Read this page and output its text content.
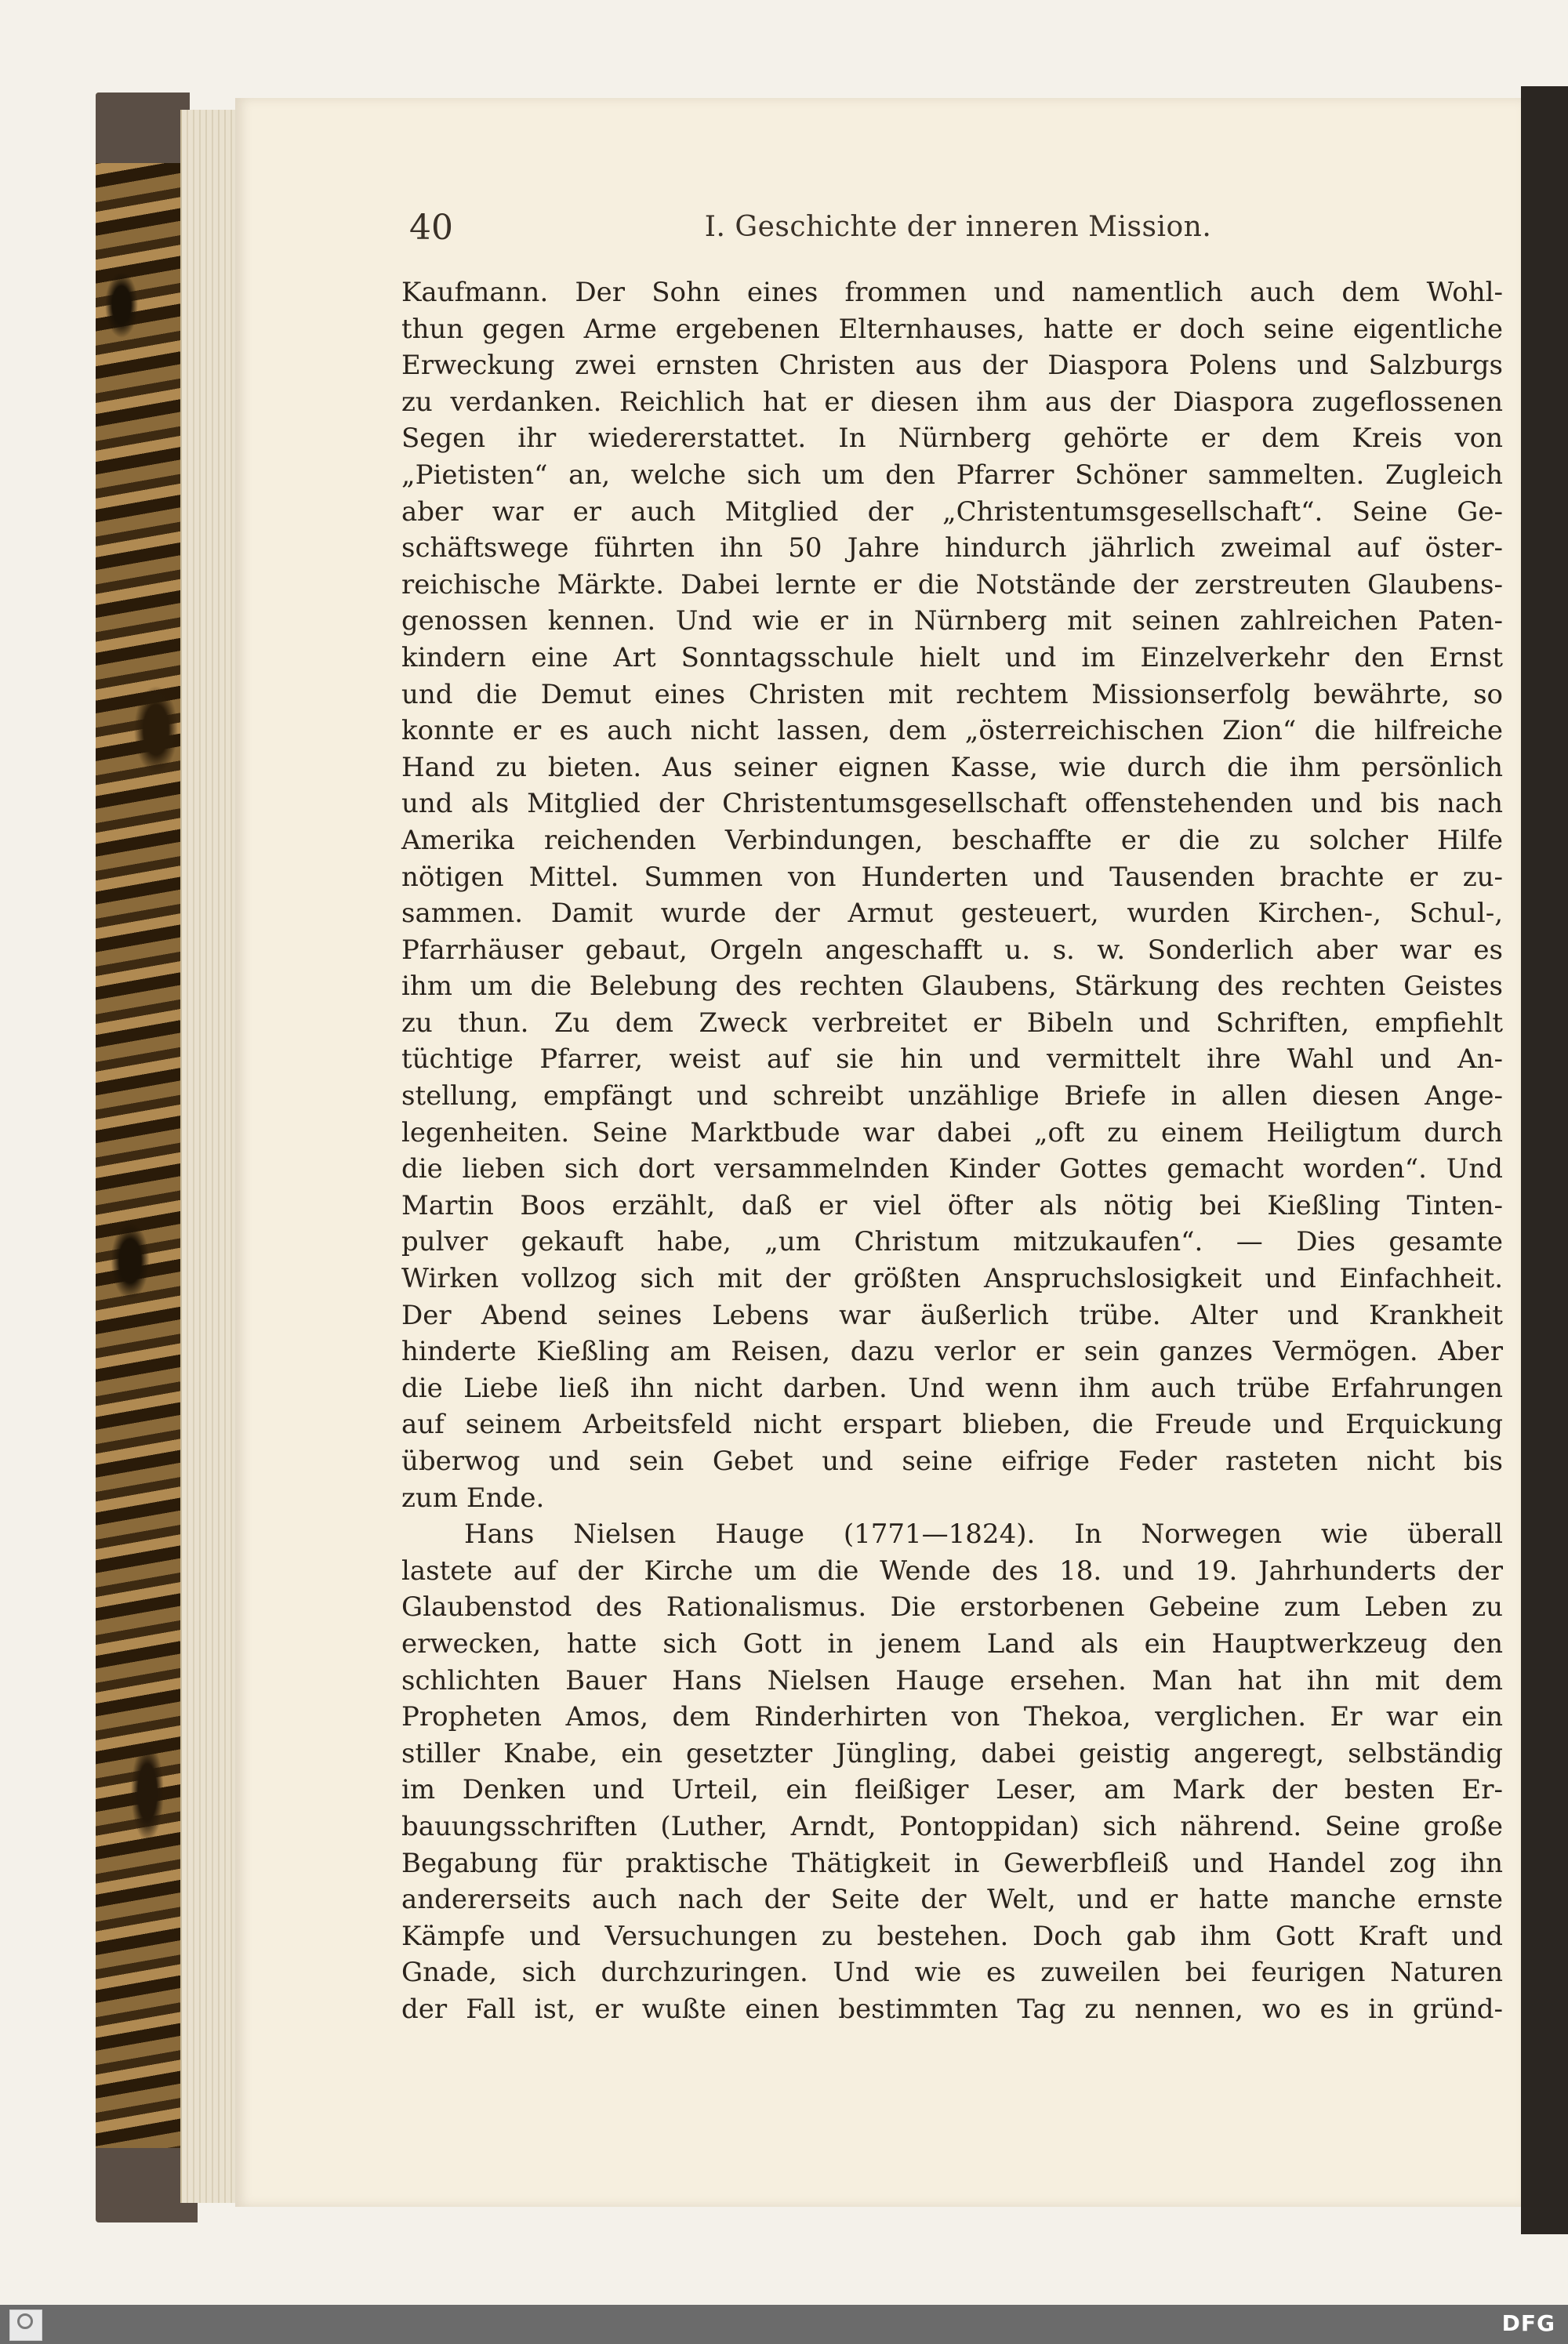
40	I. Geschichte der inneren Mission.
Kaufmann. Der Sohn eines frommen und namentlich auch dem Wohl-
thun gegen Arme ergebenen Elternhauses, hatte er doch seine eigentliche
Erweckung zwei ernsten Christen aus der Diaspora Polens und Salzburgs
zu verdanken. Reichlich hat er diesen ihm aus der Diaspora zugeflossenen
Segen ihr wiedererstattet. In Nürnberg gehörte er dem Kreis von
„Pietisten“ an, welche sich um den Pfarrer Schöner sammelten. Zugleich
aber war er auch Mitglied der „Christentumsgesellschaft“. Seine Ge-
schäftswege führten ihn 50 Jahre hindurch jährlich zweimal auf öster-
reichische Märkte. Dabei lernte er die Notstände der zerstreuten Glaubens-
genossen kennen. Und wie er in Nürnberg mit seinen zahlreichen Paten-
kindern eine Art Sonntagsschule hielt und im Einzelverkehr den Ernst
und die Demut eines Christen mit rechtem Missionserfolg bewährte, so
konnte er es auch nicht lassen, dem „österreichischen Zion“ die hilfreiche
Hand zu bieten. Aus seiner eignen Kasse, wie durch die ihm persönlich
und als Mitglied der Christentumsgesellschaft offenstehenden und bis nach
Amerika reichenden Verbindungen, beschaffte er die zu solcher Hilfe
nötigen Mittel. Summen von Hunderten und Tausenden brachte er zu-
sammen. Damit wurde der Armut gesteuert, wurden Kirchen-, Schul-,
Pfarrhäuser gebaut, Orgeln angeschafft u. s. w. Sonderlich aber war es
ihm um die Belebung des rechten Glaubens, Stärkung des rechten Geistes
zu thun. Zu dem Zweck verbreitet er Bibeln und Schriften, empfiehlt
tüchtige Pfarrer, weist auf sie hin und vermittelt ihre Wahl und An-
stellung, empfängt und schreibt unzählige Briefe in allen diesen Ange-
legenheiten. Seine Marktbude war dabei „oft zu einem Heiligtum durch
die lieben sich dort versammelnden Kinder Gottes gemacht worden“. Und
Martin Boos erzählt, daß er viel öfter als nötig bei Kießling Tinten-
pulver gekauft habe, „um Christum mitzukaufen“. — Dies gesamte
Wirken vollzog sich mit der größten Anspruchslosigkeit und Einfachheit.
Der Abend seines Lebens war äußerlich trübe. Alter und Krankheit
hinderte Kießling am Reisen, dazu verlor er sein ganzes Vermögen. Aber
die Liebe ließ ihn nicht darben. Und wenn ihm auch trübe Erfahrungen
auf seinem Arbeitsfeld nicht erspart blieben, die Freude und Erquickung
überwog und sein Gebet und seine eifrige Feder rasteten nicht bis
zum Ende.
Hans Nielsen Hauge (1771—1824). In Norwegen wie überall
lastete auf der Kirche um die Wende des 18. und 19. Jahrhunderts der
Glaubenstod des Rationalismus. Die erstorbenen Gebeine zum Leben zu
erwecken, hatte sich Gott in jenem Land als ein Hauptwerkzeug den
schlichten Bauer Hans Nielsen Hauge ersehen. Man hat ihn mit dem
Propheten Amos, dem Rinderhirten von Thekoa, verglichen. Er war ein
stiller Knabe, ein gesetzter Jüngling, dabei geistig angeregt, selbständig
im Denken und Urteil, ein fleißiger Leser, am Mark der besten Er-
bauungsschriften (Luther, Arndt, Pontoppidan) sich nährend. Seine große
Begabung für praktische Thätigkeit in Gewerbfleiß und Handel zog ihn
andererseits auch nach der Seite der Welt, und er hatte manche ernste
Kämpfe und Versuchungen zu bestehen. Doch gab ihm Gott Kraft und
Gnade, sich durchzuringen. Und wie es zuweilen bei feurigen Naturen
der Fall ist, er wußte einen bestimmten Tag zu nennen, wo es in gründ-
DFG
